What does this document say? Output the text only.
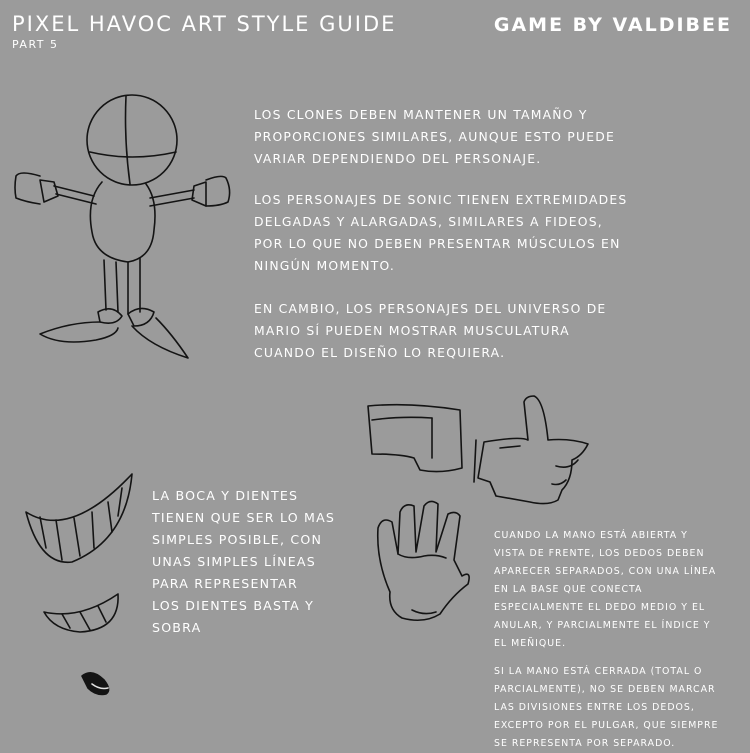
PIXEL HAVOC ART STYLE GUIDE
PART 5
GAME BY VALDIBEE

LOS CLONES DEBEN MANTENER UN TAMAÑO Y
PROPORCIONES SIMILARES, AUNQUE ESTO PUEDE
VARIAR DEPENDIENDO DEL PERSONAJE.

LOS PERSONAJES DE SONIC TIENEN EXTREMIDADES
DELGADAS Y ALARGADAS, SIMILARES A FIDEOS,
POR LO QUE NO DEBEN PRESENTAR MÚSCULOS EN
NINGÚN MOMENTO.

EN CAMBIO, LOS PERSONAJES DEL UNIVERSO DE
MARIO SÍ PUEDEN MOSTRAR MUSCULATURA
CUANDO EL DISEÑO LO REQUIERA.

LA BOCA Y DIENTES
TIENEN QUE SER LO MAS
SIMPLES POSIBLE, CON
UNAS SIMPLES LÍNEAS
PARA REPRESENTAR
LOS DIENTES BASTA Y
SOBRA

CUANDO LA MANO ESTÁ ABIERTA Y
VISTA DE FRENTE, LOS DEDOS DEBEN
APARECER SEPARADOS, CON UNA LÍNEA
EN LA BASE QUE CONECTA
ESPECIALMENTE EL DEDO MEDIO Y EL
ANULAR, Y PARCIALMENTE EL ÍNDICE Y
EL MEÑIQUE.

SI LA MANO ESTÁ CERRADA (TOTAL O
PARCIALMENTE), NO SE DEBEN MARCAR
LAS DIVISIONES ENTRE LOS DEDOS,
EXCEPTO POR EL PULGAR, QUE SIEMPRE
SE REPRESENTA POR SEPARADO.
